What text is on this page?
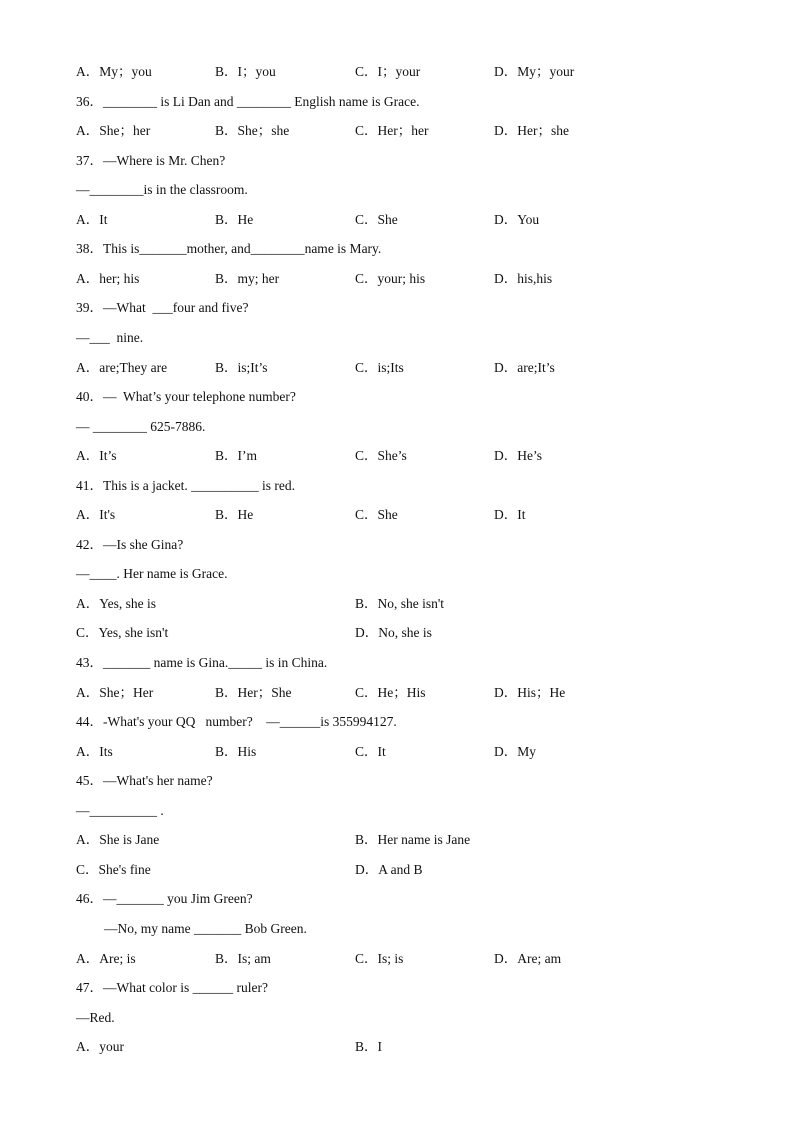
A．My；you	B．I；you	C．I；your	D．My；your
36．________ is Li Dan and ________ English name is Grace.
A．She；her	B．She；she	C．Her；her	D．Her；she
37．—Where is Mr. Chen?
—________is in the classroom.
A．It	B．He	C．She	D．You
38．This is_______mother, and________name is Mary.
A．her; his	B．my; her	C．your; his	D．his,his
39．—What  ___four and five?
—___  nine.
A．are;They are	B．is;It’s	C．is;Its	D．are;It’s
40．—  What’s your telephone number?
— ________ 625-7886.
A．It’s	B．I’m	C．She’s	D．He’s
41．This is a jacket. __________ is red.
A．It's	B．He	C．She	D．It
42．—Is she Gina?
—____. Her name is Grace.
A．Yes, she is	B．No, she isn't
C．Yes, she isn't	D．No, she is
43．_______ name is Gina._____ is in China.
A．She；Her	B．Her；She	C．He；His	D．His；He
44．-What's your QQ   number?    —______is 355994127.
A．Its	B．His	C．It	D．My
45．—What's her name?
—__________ .
A．She is Jane	B．Her name is Jane
C．She's fine	D．A and B
46．—_______ you Jim Green?
—No, my name _______ Bob Green.
A．Are; is	B．Is; am	C．Is; is	D．Are; am
47．—What color is ______ ruler?
—Red.
A．your	B．I
